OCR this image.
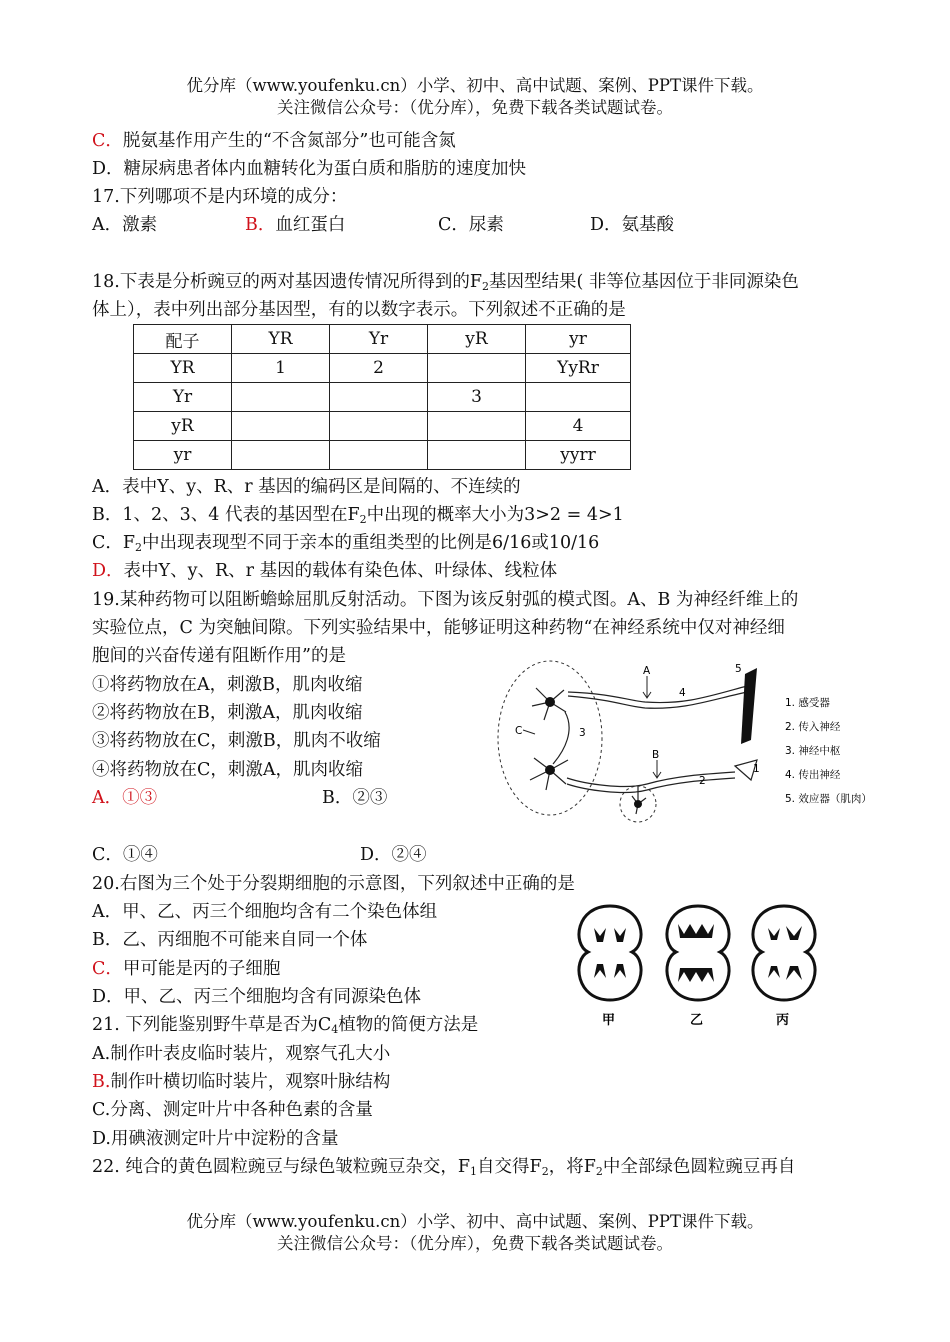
优分库（www.youfenku.cn）小学、初中、高中试题、案例、PPT课件下载。
关注微信公众号：（优分库），免费下载各类试题试卷。
C．脱氨基作用产生的“不含氮部分”也可能含氮
D．糖尿病患者体内血糖转化为蛋白质和脂肪的速度加快
17.下列哪项不是内环境的成分：
A．激素	B．血红蛋白	C．尿素	D．氨基酸
18.下表是分析豌豆的两对基因遗传情况所得到的$F_2$基因型结果( 非等位基因位于非同源染色
体上），表中列出部分基因型，有的以数字表示。下列叙述不正确的是
配子	YR	Yr	yR	yr
YR	1	2		YyRr
Yr			3	
yR				4
yr				yyrr
A．表中Y、y、R、r 基因的编码区是间隔的、不连续的
B．1、2、3、4 代表的基因型在$F_2$中出现的概率大小为3>2 = 4>1
C．$F_2$中出现表现型不同于亲本的重组类型的比例是6/16或10/16
D．表中Y、y、R、r 基因的载体有染色体、叶绿体、线粒体
19.某种药物可以阻断蟾蜍屈肌反射活动。下图为该反射弧的模式图。A、B 为神经纤维上的
实验位点，C 为突触间隙。下列实验结果中，能够证明这种药物“在神经系统中仅对神经细
胞间的兴奋传递有阻断作用”的是
①将药物放在A，刺激B，肌肉收缩
②将药物放在B，刺激A，肌肉收缩
③将药物放在C，刺激B，肌肉不收缩
④将药物放在C，刺激A，肌肉收缩
A．①③	B．②③
C．①④	D．②④
A
B
C
1
2
3
4
5
1. 感受器
2. 传入神经
3. 神经中枢
4. 传出神经
5. 效应器（肌肉）
20.右图为三个处于分裂期细胞的示意图，下列叙述中正确的是
A．甲、乙、丙三个细胞均含有二个染色体组
B．乙、丙细胞不可能来自同一个体
C．甲可能是丙的子细胞
D．甲、乙、丙三个细胞均含有同源染色体
甲	乙	丙
21. 下列能鉴别野牛草是否为$C_4$植物的简便方法是
A.制作叶表皮临时装片，观察气孔大小
B.制作叶横切临时装片，观察叶脉结构
C.分离、测定叶片中各种色素的含量
D.用碘液测定叶片中淀粉的含量
22. 纯合的黄色圆粒豌豆与绿色皱粒豌豆杂交，$F_1$自交得$F_2$，将$F_2$中全部绿色圆粒豌豆再自
优分库（www.youfenku.cn）小学、初中、高中试题、案例、PPT课件下载。
关注微信公众号：（优分库），免费下载各类试题试卷。
